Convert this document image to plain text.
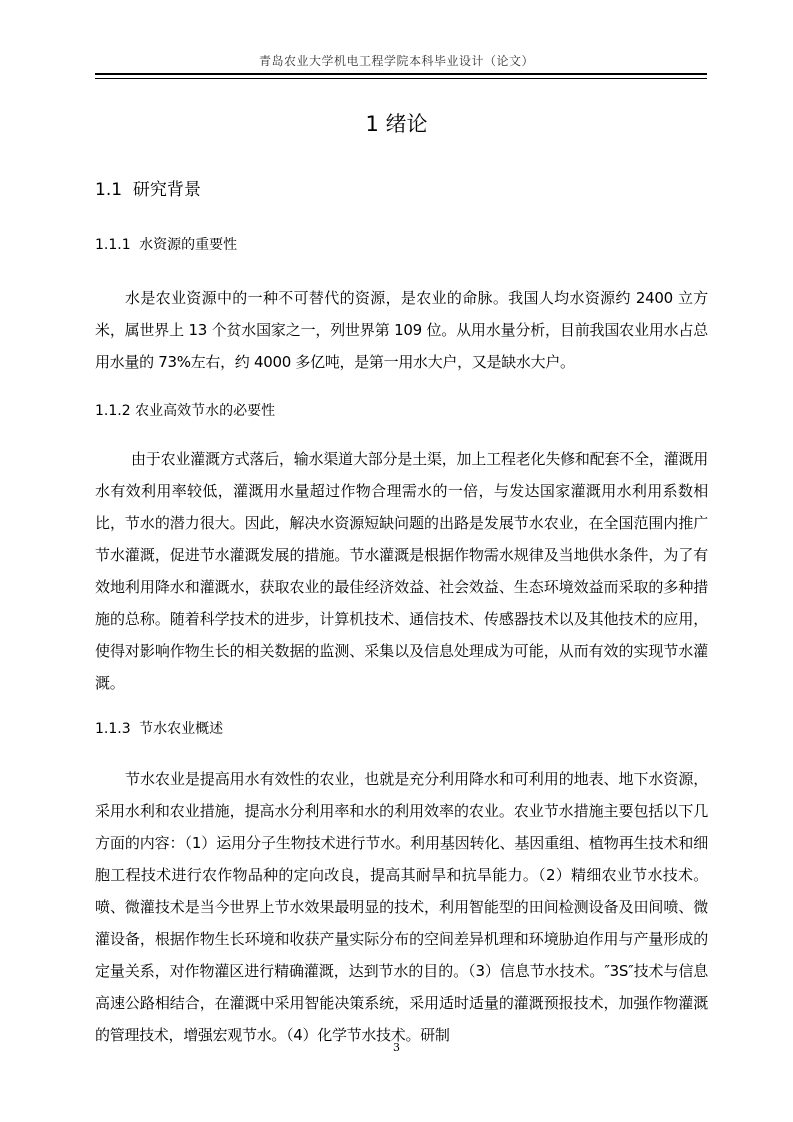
青岛农业大学机电工程学院本科毕业设计（论文）
1 绪论
1.1 研究背景
1.1.1 水资源的重要性

水是农业资源中的一种不可替代的资源，是农业的命脉。我国人均水资源约 2400 立方米，属世界上 13 个贫水国家之一，列世界第 109 位。从用水量分析，目前我国农业用水占总用水量的 73%左右，约 4000 多亿吨，是第一用水大户，又是缺水大户。

1.1.2 农业高效节水的必要性

由于农业灌溉方式落后，输水渠道大部分是土渠，加上工程老化失修和配套不全，灌溉用水有效利用率较低，灌溉用水量超过作物合理需水的一倍，与发达国家灌溉用水利用系数相比，节水的潜力很大。因此，解决水资源短缺问题的出路是发展节水农业，在全国范围内推广节水灌溉，促进节水灌溉发展的措施。节水灌溉是根据作物需水规律及当地供水条件，为了有效地利用降水和灌溉水，获取农业的最佳经济效益、社会效益、生态环境效益而采取的多种措施的总称。随着科学技术的进步，计算机技术、通信技术、传感器技术以及其他技术的应用，使得对影响作物生长的相关数据的监测、采集以及信息处理成为可能，从而有效的实现节水灌溉。

1.1.3 节水农业概述

节水农业是提高用水有效性的农业，也就是充分利用降水和可利用的地表、地下水资源，采用水利和农业措施，提高水分利用率和水的利用效率的农业。农业节水措施主要包括以下几方面的内容：（1）运用分子生物技术进行节水。利用基因转化、基因重组、植物再生技术和细胞工程技术进行农作物品种的定向改良，提高其耐旱和抗旱能力。（2）精细农业节水技术。喷、微灌技术是当今世界上节水效果最明显的技术，利用智能型的田间检测设备及田间喷、微灌设备，根据作物生长环境和收获产量实际分布的空间差异机理和环境胁迫作用与产量形成的定量关系，对作物灌区进行精确灌溉，达到节水的目的。（3）信息节水技术。″3S″技术与信息高速公路相结合，在灌溉中采用智能决策系统，采用适时适量的灌溉预报技术，加强作物灌溉的管理技术，增强宏观节水。（4）化学节水技术。研制

3
